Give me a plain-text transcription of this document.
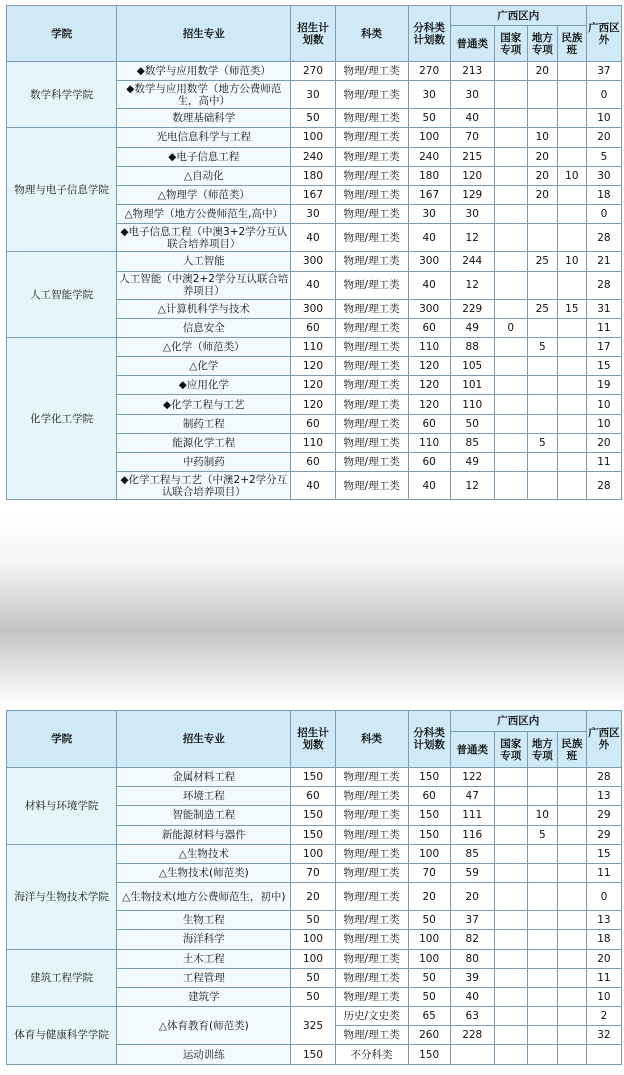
学院	招生专业	招生计划数	科类	分科类计划数	广西区内				广西区外
					普通类	国家专项	地方专项	民族班	
数学科学学院	◆数学与应用数学（师范类）	270	物理/理工类	270	213		20		37
	◆数学与应用数学（地方公费师范生，高中）	30	物理/理工类	30	30				0
	数理基础科学	50	物理/理工类	50	40				10
物理与电子信息学院	光电信息科学与工程	100	物理/理工类	100	70		10		20
	◆电子信息工程	240	物理/理工类	240	215		20		5
	△自动化	180	物理/理工类	180	120		20	10	30
	△物理学（师范类）	167	物理/理工类	167	129		20		18
	△物理学（地方公费师范生,高中）	30	物理/理工类	30	30				0
	◆电子信息工程（中澳3+2学分互认联合培养项目）	40	物理/理工类	40	12				28
人工智能学院	人工智能	300	物理/理工类	300	244		25	10	21
	人工智能（中澳2+2学分互认联合培养项目）	40	物理/理工类	40	12				28
	△计算机科学与技术	300	物理/理工类	300	229		25	15	31
	信息安全	60	物理/理工类	60	49	0			11
化学化工学院	△化学（师范类）	110	物理/理工类	110	88		5		17
	△化学	120	物理/理工类	120	105				15
	◆应用化学	120	物理/理工类	120	101				19
	◆化学工程与工艺	120	物理/理工类	120	110				10
	制药工程	60	物理/理工类	60	50				10
	能源化学工程	110	物理/理工类	110	85		5		20
	中药制药	60	物理/理工类	60	49				11
	◆化学工程与工艺（中澳2+2学分互认联合培养项目）	40	物理/理工类	40	12				28
学院	招生专业	招生计划数	科类	分科类计划数	广西区内				广西区外
					普通类	国家专项	地方专项	民族班	
材料与环境学院	金属材料工程	150	物理/理工类	150	122				28
	环境工程	60	物理/理工类	60	47				13
	智能制造工程	150	物理/理工类	150	111		10		29
	新能源材料与器件	150	物理/理工类	150	116		5		29
海洋与生物技术学院	△生物技术	100	物理/理工类	100	85				15
	△生物技术(师范类)	70	物理/理工类	70	59				11
	△生物技术(地方公费师范生，初中)	20	物理/理工类	20	20				0
	生物工程	50	物理/理工类	50	37				13
	海洋科学	100	物理/理工类	100	82				18
建筑工程学院	土木工程	100	物理/理工类	100	80				20
	工程管理	50	物理/理工类	50	39				11
	建筑学	50	物理/理工类	50	40				10
体育与健康科学学院	△体育教育(师范类)	325	历史/文史类	65	63				2
			物理/理工类	260	228				32
	运动训练	150	不分科类	150					
